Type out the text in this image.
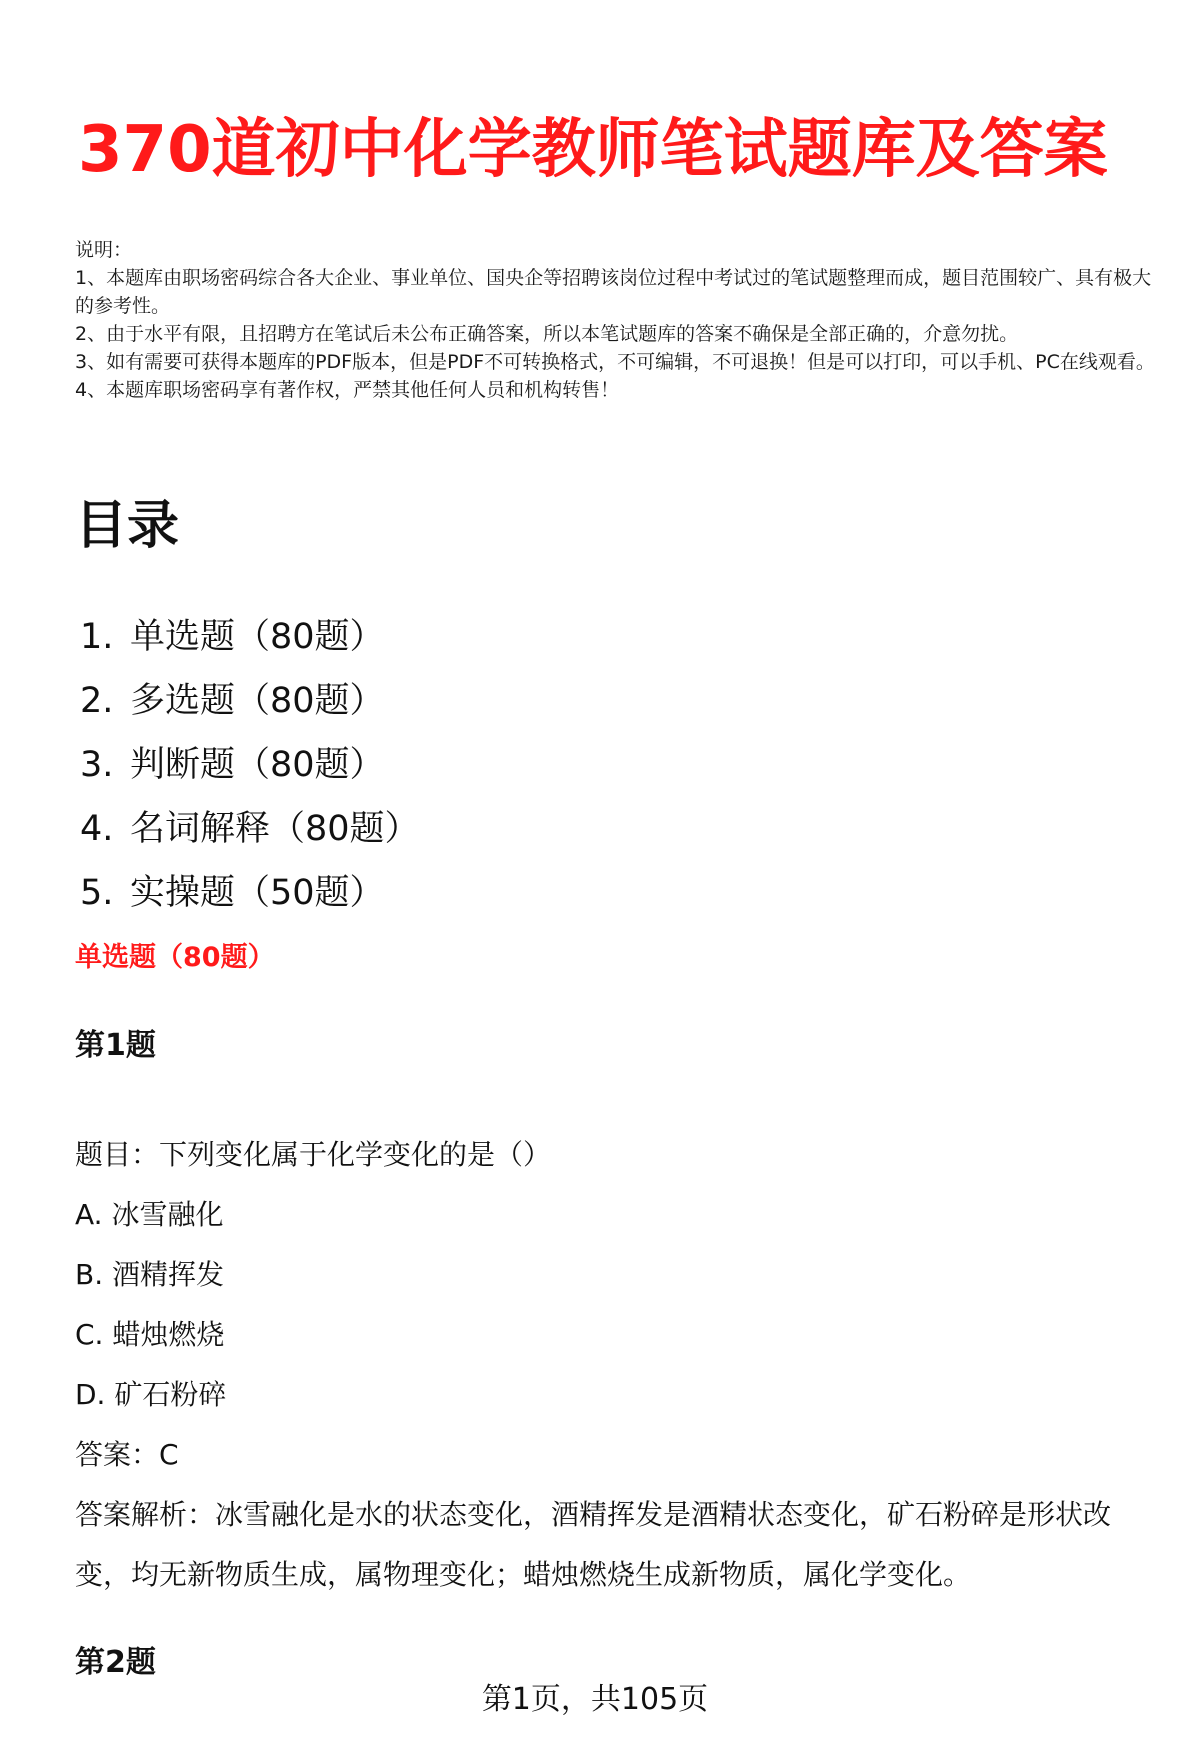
370道初中化学教师笔试题库及答案
说明：
1、本题库由职场密码综合各大企业、事业单位、国央企等招聘该岗位过程中考试过的笔试题整理而成，题目范围较广、具有极大的参考性。
2、由于水平有限，且招聘方在笔试后未公布正确答案，所以本笔试题库的答案不确保是全部正确的，介意勿扰。
3、如有需要可获得本题库的PDF版本，但是PDF不可转换格式，不可编辑，不可退换！但是可以打印，可以手机、PC在线观看。
4、本题库职场密码享有著作权，严禁其他任何人员和机构转售！
目录
1. 单选题（80题）
2. 多选题（80题）
3. 判断题（80题）
4. 名词解释（80题）
5. 实操题（50题）
单选题（80题）
第1题
题目：下列变化属于化学变化的是（）
A. 冰雪融化
B. 酒精挥发
C. 蜡烛燃烧
D. 矿石粉碎
答案：C
答案解析：冰雪融化是水的状态变化，酒精挥发是酒精状态变化，矿石粉碎是形状改变，均无新物质生成，属物理变化；蜡烛燃烧生成新物质，属化学变化。
第2题
第1页，共105页
